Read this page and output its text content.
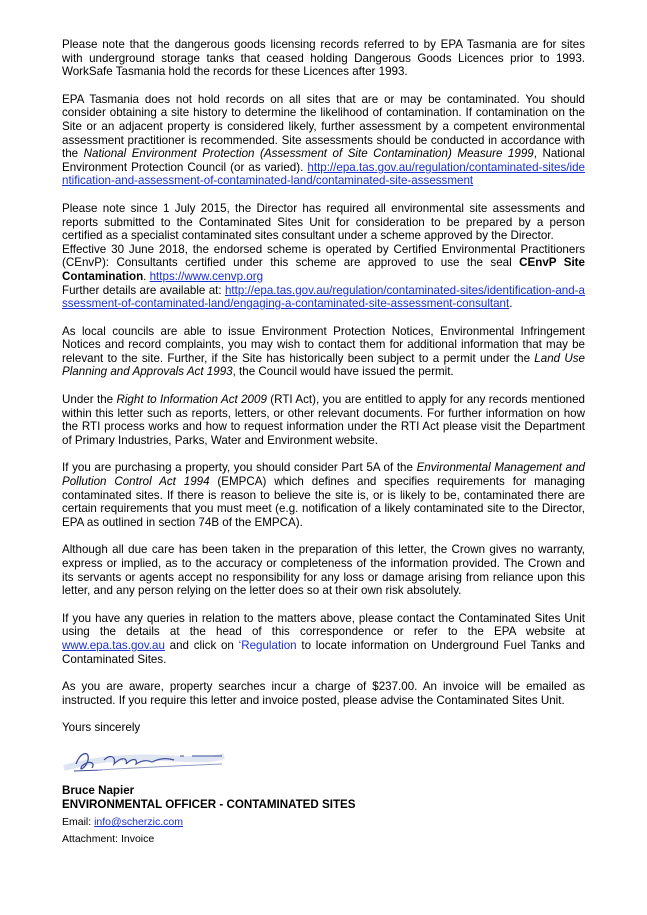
Please note that the dangerous goods licensing records referred to by EPA Tasmania are for sites with underground storage tanks that ceased holding Dangerous Goods Licences prior to 1993. WorkSafe Tasmania hold the records for these Licences after 1993.

EPA Tasmania does not hold records on all sites that are or may be contaminated. You should consider obtaining a site history to determine the likelihood of contamination. If contamination on the Site or an adjacent property is considered likely, further assessment by a competent environmental assessment practitioner is recommended. Site assessments should be conducted in accordance with the National Environment Protection (Assessment of Site Contamination) Measure 1999, National Environment Protection Council (or as varied). http://epa.tas.gov.au/regulation/contaminated-sites/identification-and-assessment-of-contaminated-land/contaminated-site-assessment

Please note since 1 July 2015, the Director has required all environmental site assessments and reports submitted to the Contaminated Sites Unit for consideration to be prepared by a person certified as a specialist contaminated sites consultant under a scheme approved by the Director.
Effective 30 June 2018, the endorsed scheme is operated by Certified Environmental Practitioners (CEnvP): Consultants certified under this scheme are approved to use the seal CEnvP Site Contamination. https://www.cenvp.org
Further details are available at: http://epa.tas.gov.au/regulation/contaminated-sites/identification-and-assessment-of-contaminated-land/engaging-a-contaminated-site-assessment-consultant.

As local councils are able to issue Environment Protection Notices, Environmental Infringement Notices and record complaints, you may wish to contact them for additional information that may be relevant to the site. Further, if the Site has historically been subject to a permit under the Land Use Planning and Approvals Act 1993, the Council would have issued the permit.

Under the Right to Information Act 2009 (RTI Act), you are entitled to apply for any records mentioned within this letter such as reports, letters, or other relevant documents. For further information on how the RTI process works and how to request information under the RTI Act please visit the Department of Primary Industries, Parks, Water and Environment website.

If you are purchasing a property, you should consider Part 5A of the Environmental Management and Pollution Control Act 1994 (EMPCA) which defines and specifies requirements for managing contaminated sites. If there is reason to believe the site is, or is likely to be, contaminated there are certain requirements that you must meet (e.g. notification of a likely contaminated site to the Director, EPA as outlined in section 74B of the EMPCA).

Although all due care has been taken in the preparation of this letter, the Crown gives no warranty, express or implied, as to the accuracy or completeness of the information provided. The Crown and its servants or agents accept no responsibility for any loss or damage arising from reliance upon this letter, and any person relying on the letter does so at their own risk absolutely.

If you have any queries in relation to the matters above, please contact the Contaminated Sites Unit using the details at the head of this correspondence or refer to the EPA website at www.epa.tas.gov.au and click on ‘Regulation to locate information on Underground Fuel Tanks and Contaminated Sites.

As you are aware, property searches incur a charge of $237.00. An invoice will be emailed as instructed. If you require this letter and invoice posted, please advise the Contaminated Sites Unit.

Yours sincerely
Bruce Napier
ENVIRONMENTAL OFFICER - CONTAMINATED SITES
Email: info@scherzic.com
Attachment: Invoice
